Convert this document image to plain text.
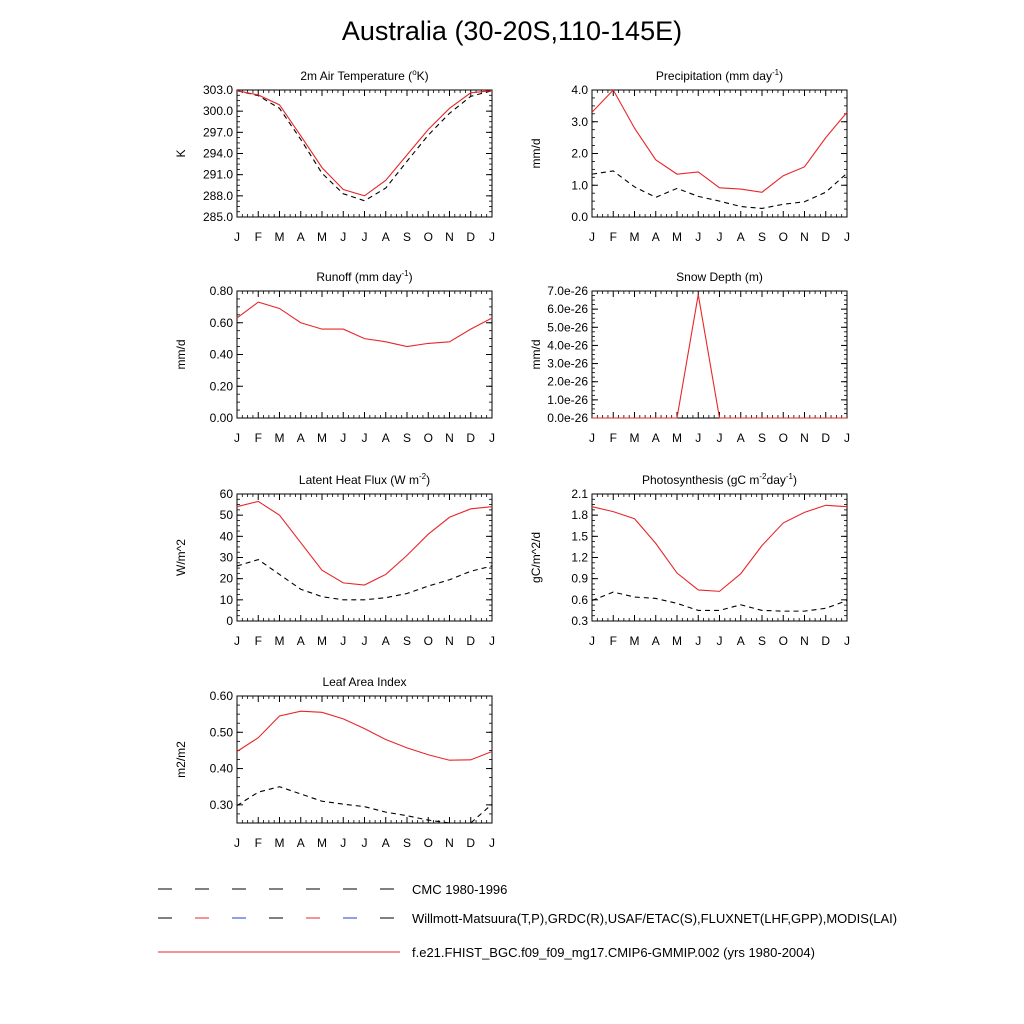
Australia (30-20S,110-145E)
J F M A M J J A S O N D J
285.0
288.0
291.0
294.0
297.0
300.0
303.0
2m Air Temperature ($^o$K)
K
J F M A M J J A S O N D J
0.0
1.0
2.0
3.0
4.0
Precipitation (mm day$^{-1}$)
mm/d
J F M A M J J A S O N D J
0.00
0.20
0.40
0.60
0.80
Runoff (mm day$^{-1}$)
mm/d
J F M A M J J A S O N D J
0.0e-26
1.0e-26
2.0e-26
3.0e-26
4.0e-26
5.0e-26
6.0e-26
7.0e-26
Snow Depth (m)
mm/d
J F M A M J J A S O N D J
0
10
20
30
40
50
60
Latent Heat Flux (W $m^{-2}$)
W/m^2
J F M A M J J A S O N D J
0.3
0.6
0.9
1.2
1.5
1.8
2.1
Photosynthesis (gC $m^{-2}day^{-1}$)
gC/m^2/d
J F M A M J J A S O N D J
0.30
0.40
0.50
0.60
Leaf Area Index
m2/m2
CMC 1980-1996
Willmott-Matsuura(T,P),GRDC(R),USAF/ETAC(S),FLUXNET(LHF,GPP),MODIS(LAI)
f.e21.FHIST_BGC.f09_f09_mg17.CMIP6-GMMIP.002 (yrs 1980-2004)
